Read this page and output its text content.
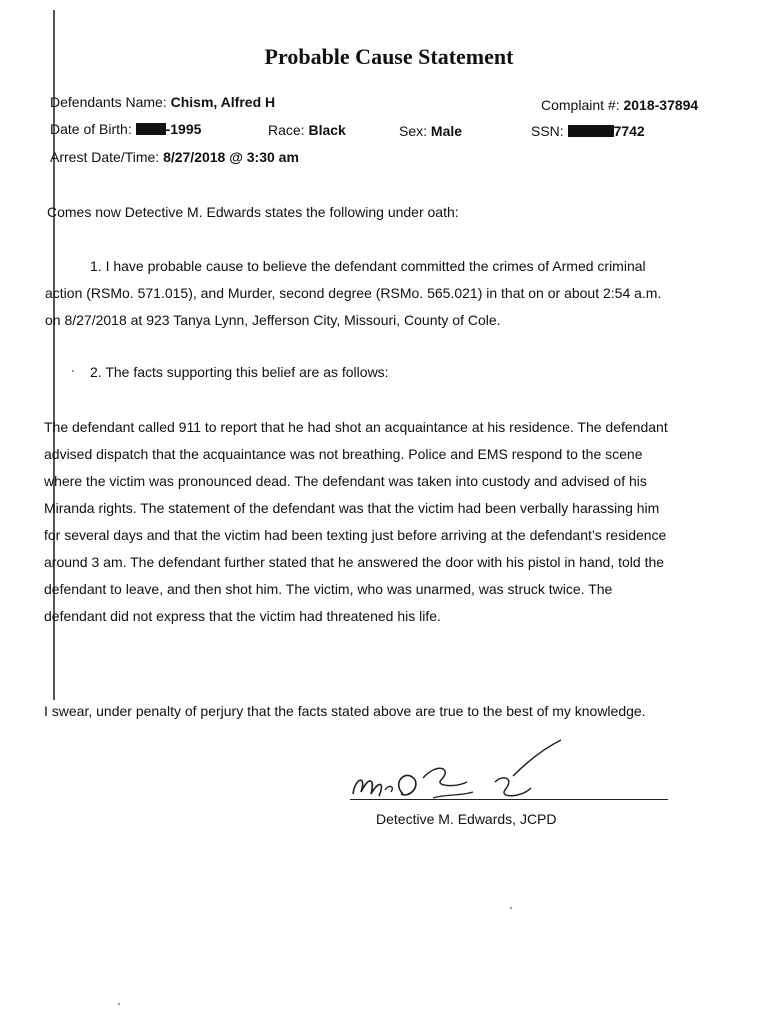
Probable Cause Statement
Defendants Name: Chism, Alfred H	Complaint #: 2018-37894
Date of Birth: -1995	Race: Black	Sex: Male	SSN:	7742
Arrest Date/Time: 8/27/2018 @ 3:30 am
Comes now Detective M. Edwards states the following under oath:
1. I have probable cause to believe the defendant committed the crimes of Armed criminal
action (RSMo. 571.015), and Murder, second degree (RSMo. 565.021) in that on or about 2:54 a.m.
on 8/27/2018 at 923 Tanya Lynn, Jefferson City, Missouri, County of Cole.
2. The facts supporting this belief are as follows:
The defendant called 911 to report that he had shot an acquaintance at his residence. The defendant
advised dispatch that the acquaintance was not breathing. Police and EMS respond to the scene
where the victim was pronounced dead. The defendant was taken into custody and advised of his
Miranda rights. The statement of the defendant was that the victim had been verbally harassing him
for several days and that the victim had been texting just before arriving at the defendant’s residence
around 3 am. The defendant further stated that he answered the door with his pistol in hand, told the
defendant to leave, and then shot him. The victim, who was unarmed, was struck twice. The
defendant did not express that the victim had threatened his life.
I swear, under penalty of perjury that the facts stated above are true to the best of my knowledge.
Detective M. Edwards, JCPD
